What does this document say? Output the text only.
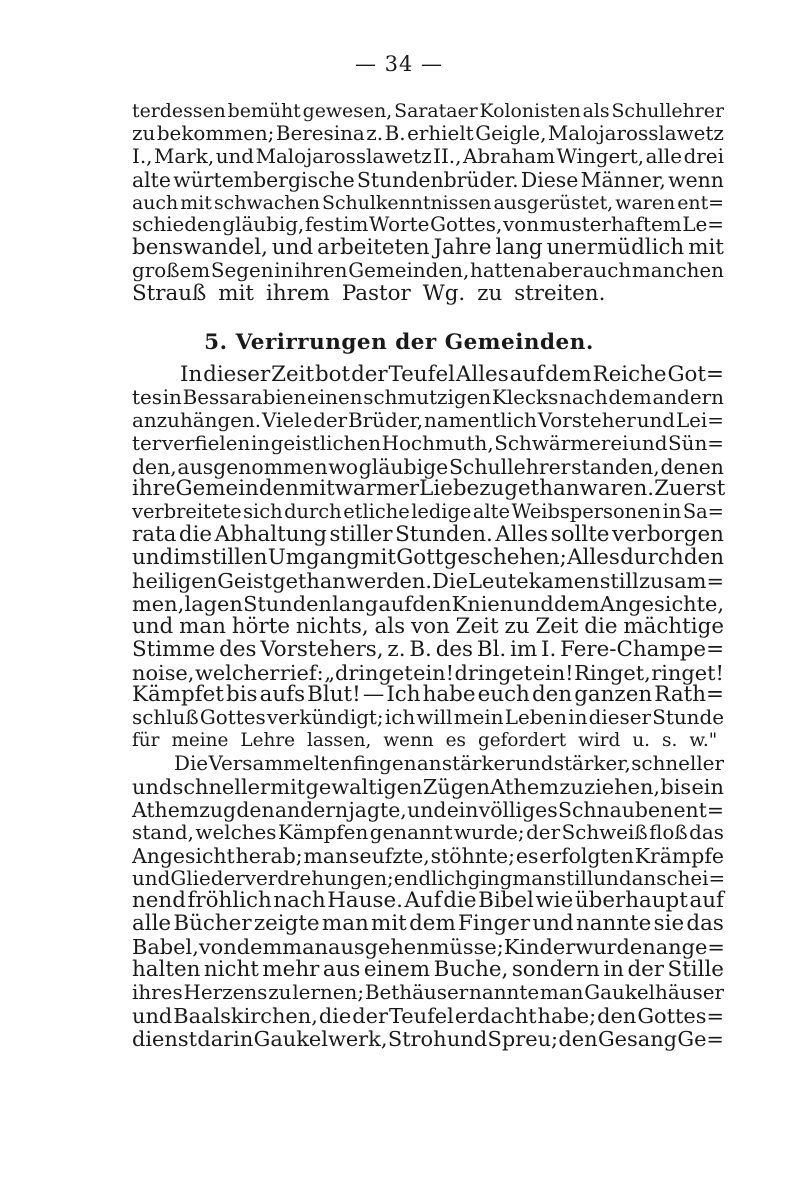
— 34 —
terdessen bemüht gewesen, Sarataer Kolonisten als Schullehrer
zu bekommen; Beresina z. B. erhielt Geigle, Malojarosslawetz
I., Mark, und Malojarosslawetz II., Abraham Wingert, alle drei
alte würtembergische Stundenbrüder. Diese Männer, wenn
auch mit schwachen Schulkenntnissen ausgerüstet, waren ent=
schieden gläubig, fest im Worte Gottes, von musterhaftem Le=
benswandel, und arbeiteten Jahre lang unermüdlich mit
großem Segen in ihren Gemeinden, hatten aber auch manchen
Strauß mit ihrem Pastor Wg. zu streiten.
5. Verirrungen der Gemeinden.
In dieser Zeit bot der Teufel Alles auf dem Reiche Got=
tes in Bessarabien einen schmutzigen Klecks nach dem andern
anzuhängen. Viele der Brüder, namentlich Vorsteher und Lei=
ter verfielen in geistlichen Hochmuth, Schwärmerei und Sün=
den, ausgenommen wo gläubige Schullehrer standen, denen
ihre Gemeinden mit warmer Liebe zugethan waren. Zuerst
verbreitete sich durch etliche ledige alte Weibspersonen in Sa=
rata die Abhaltung stiller Stunden. Alles sollte verborgen
und im stillen Umgang mit Gott geschehen; Alles durch den
heiligen Geist gethan werden. Die Leute kamen still zusam=
men, lagen Stunden lang auf den Knien und dem Angesichte,
und man hörte nichts, als von Zeit zu Zeit die mächtige
Stimme des Vorstehers, z. B. des Bl. im I. Fere-Champe=
noise, welcher rief: „dringet ein! dringet ein! Ringet, ringet!
Kämpfet bis aufs Blut! — Ich habe euch den ganzen Rath=
schluß Gottes verkündigt; ich will mein Leben in dieser Stunde
für meine Lehre lassen, wenn es gefordert wird u. s. w."
Die Versammelten fingen an stärker und stärker, schneller
und schneller mit gewaltigen Zügen Athem zu ziehen, bis ein
Athemzug den andern jagte, und ein völliges Schnauben ent=
stand, welches Kämpfen genannt wurde; der Schweiß floß das
Angesicht herab; man seufzte, stöhnte; es erfolgten Krämpfe
und Gliederverdrehungen; endlich ging man still und anschei=
nend fröhlich nach Hause. Auf die Bibel wie überhaupt auf
alle Bücher zeigte man mit dem Finger und nannte sie das
Babel, von dem man ausgehen müsse; Kinder wurden ange=
halten nicht mehr aus einem Buche, sondern in der Stille
ihres Herzens zu lernen; Bethäuser nannte man Gaukelhäuser
und Baalskirchen, die der Teufel erdacht habe; den Gottes=
dienst darin Gaukelwerk, Stroh und Spreu; den Gesang Ge=
